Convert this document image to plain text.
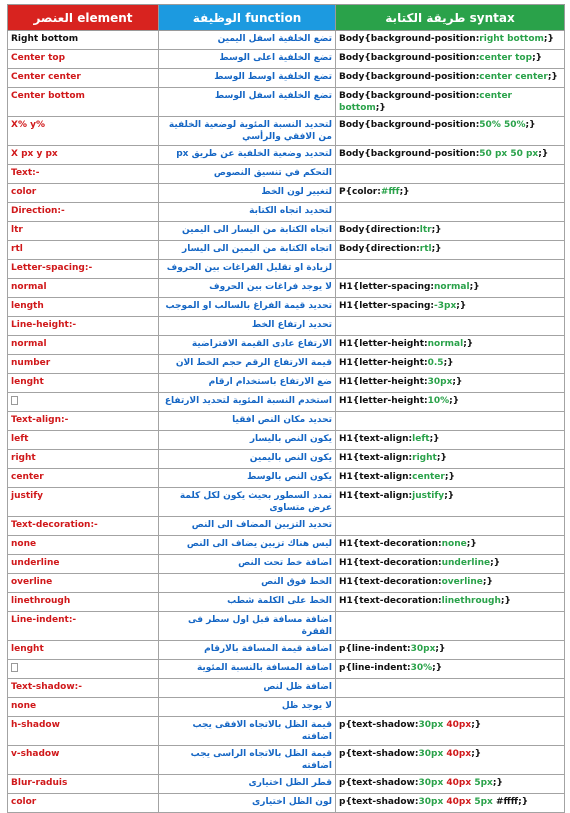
العنصر element	الوظيفة function	طريقة الكتابة syntax
Right bottom	تضع الخلفية اسفل اليمين	Body{background-position:right bottom;}
Center top	تضع الخلفية اعلى الوسط	Body{background-position:center top;}
Center center	تضع الخلفية اوسط الوسط	Body{background-position:center center;}
Center bottom	تضع الخلفية اسفل الوسط	Body{background-position:center bottom;}
X% y%	لتحديد النسبة المئوية لوضعية الخلفية من الافقي والرأسي	Body{background-position:50% 50%;}
X px y px	لتحديد وضعية الخلفية عن طريق px	Body{background-position:50 px 50 px;}
Text:-	التحكم في تنسيق النصوص	
color	لتغيير لون الخط	P{color:#fff;}
Direction:-	لتحديد اتجاه الكتابة	
ltr	اتجاه الكتابة من اليسار الى اليمين	Body{direction:ltr;}
rtl	اتجاه الكتابة من اليمين الى اليسار	Body{direction:rtl;}
Letter-spacing:-	لزيادة او تقليل الفراغات بين الحروف	
normal	لا يوجد فراغات بين الحروف	H1{letter-spacing:normal;}
length	تحديد قيمة الفراغ بالسالب او الموجب	H1{letter-spacing:-3px;}
Line-height:-	تحديد ارتفاع الخط	
normal	الارتفاع عادى القيمة الافتراضية	H1{letter-height:normal;}
number	قيمة الارتفاع الرقم حجم الخط الان	H1{letter-height:0.5;}
lenght	ضع الارتفاع باستخدام ارقام	H1{letter-height:30px;}
	استخدم النسبة المئوية لتحديد الارتفاع	H1{letter-height:10%;}
Text-align:-	تحديد مكان النص افقيا	
left	يكون النص باليسار	H1{text-align:left;}
right	يكون النص باليمين	H1{text-align:right;}
center	يكون النص بالوسط	H1{text-align:center;}
justify	تمدد السطور بحيث يكون لكل كلمة عرض متساوى	H1{text-align:justify;}
Text-decoration:-	تحديد التزيين المضاف الى النص	
none	ليس هناك تزيين يضاف الى النص	H1{text-decoration:none;}
underline	اضافة خط تحت النص	H1{text-decoration:underline;}
overline	الخط فوق النص	H1{text-decoration:overline;}
linethrough	الخط على الكلمة شطب	H1{text-decoration:linethrough;}
Line-indent:-	اضافة مسافة قبل اول سطر فى الفقرة	
lenght	اضافة قيمة المسافة بالارقام	p{line-indent:30px;}
	اضافة المسافة بالنسبة المئوية	p{line-indent:30%;}
Text-shadow:-	اضافة ظل لنص	
none	لا يوجد ظل	
h-shadow	قيمة الظل بالاتجاه الافقى يجب اضافته	p{text-shadow:30px 40px;}
v-shadow	قيمة الظل بالاتجاه الراسى يجب اضافته	p{text-shadow:30px 40px;}
Blur-raduis	قطر الظل اختيارى	p{text-shadow:30px 40px 5px;}
color	لون الظل اختيارى	p{text-shadow:30px 40px 5px #ffff;}
